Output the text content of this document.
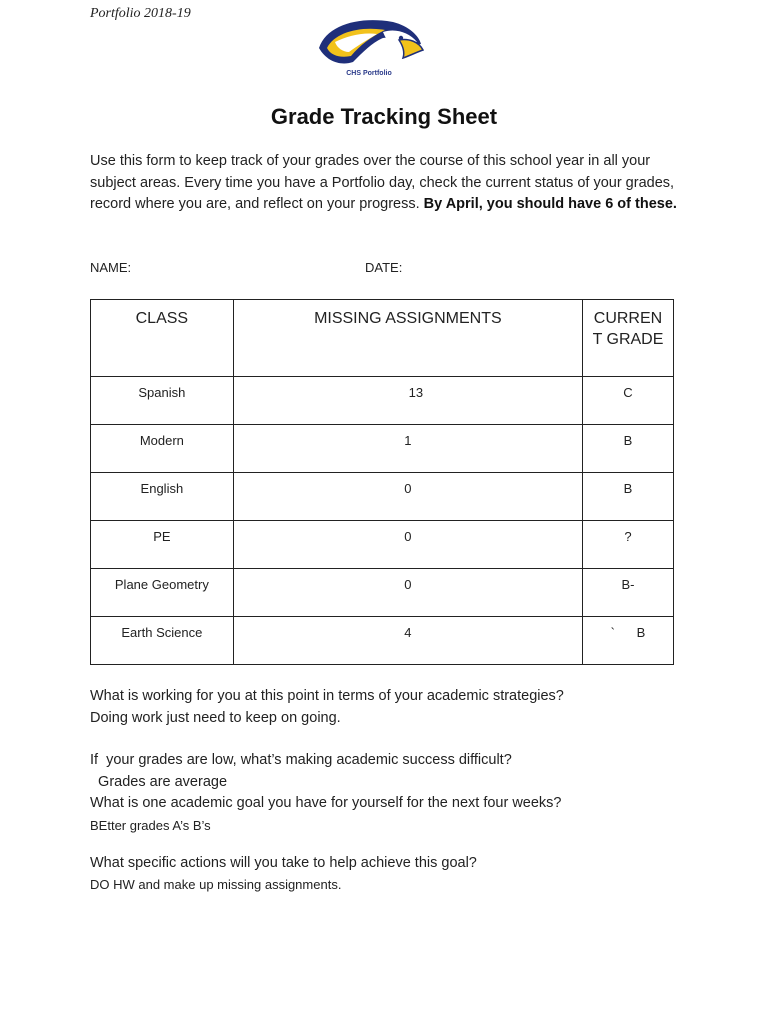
Portfolio 2018-19
CHS Portfolio
Grade Tracking Sheet
Use this form to keep track of your grades over the course of this school year in all your subject areas. Every time you have a Portfolio day, check the current status of your grades, record where you are, and reflect on your progress. By April, you should have 6 of these.
NAME:	DATE:
CLASS	MISSING ASSIGNMENTS	CURREN T GRADE
Spanish	13	C
Modern	1	B
English	0	B
PE	0	?
Plane Geometry	0	B-
Earth Science	4	`      B
What is working for you at this point in terms of your academic strategies?
Doing work just need to keep on going.
If  your grades are low, what’s making academic success difficult?
Grades are average
What is one academic goal you have for yourself for the next four weeks?
BEtter grades A’s B’s
What specific actions will you take to help achieve this goal?
DO HW and make up missing assignments.
